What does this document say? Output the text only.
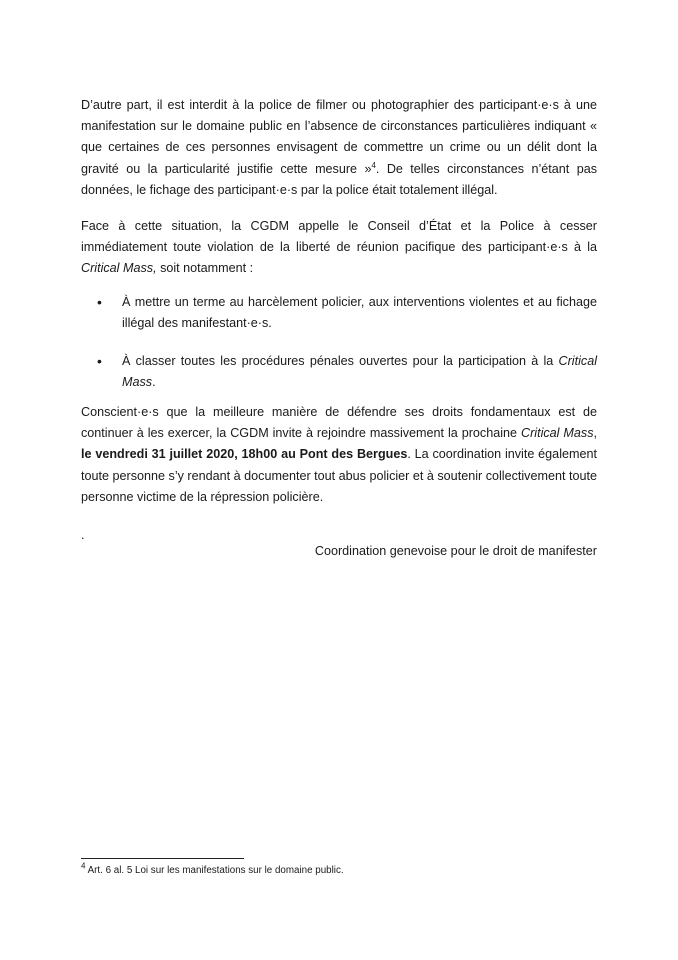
D’autre part, il est interdit à la police de filmer ou photographier des participant·e·s à une manifestation sur le domaine public en l’absence de circonstances particulières indiquant « que certaines de ces personnes envisagent de commettre un crime ou un délit dont la gravité ou la particularité justifie cette mesure »$^4$. De telles circonstances n’étant pas données, le fichage des participant·e·s par la police était totalement illégal.

Face à cette situation, la CGDM appelle le Conseil d’État et la Police à cesser immédiatement toute violation de la liberté de réunion pacifique des participant·e·s à la Critical Mass, soit notamment :

• À mettre un terme au harcèlement policier, aux interventions violentes et au fichage illégal des manifestant·e·s.
• À classer toutes les procédures pénales ouvertes pour la participation à la Critical Mass.

Conscient·e·s que la meilleure manière de défendre ses droits fondamentaux est de continuer à les exercer, la CGDM invite à rejoindre massivement la prochaine Critical Mass, le vendredi 31 juillet 2020, 18h00 au Pont des Bergues. La coordination invite également toute personne s’y rendant à documenter tout abus policier et à soutenir collectivement toute personne victime de la répression policière.

.
Coordination genevoise pour le droit de manifester
$^4$ Art. 6 al. 5 Loi sur les manifestations sur le domaine public.
